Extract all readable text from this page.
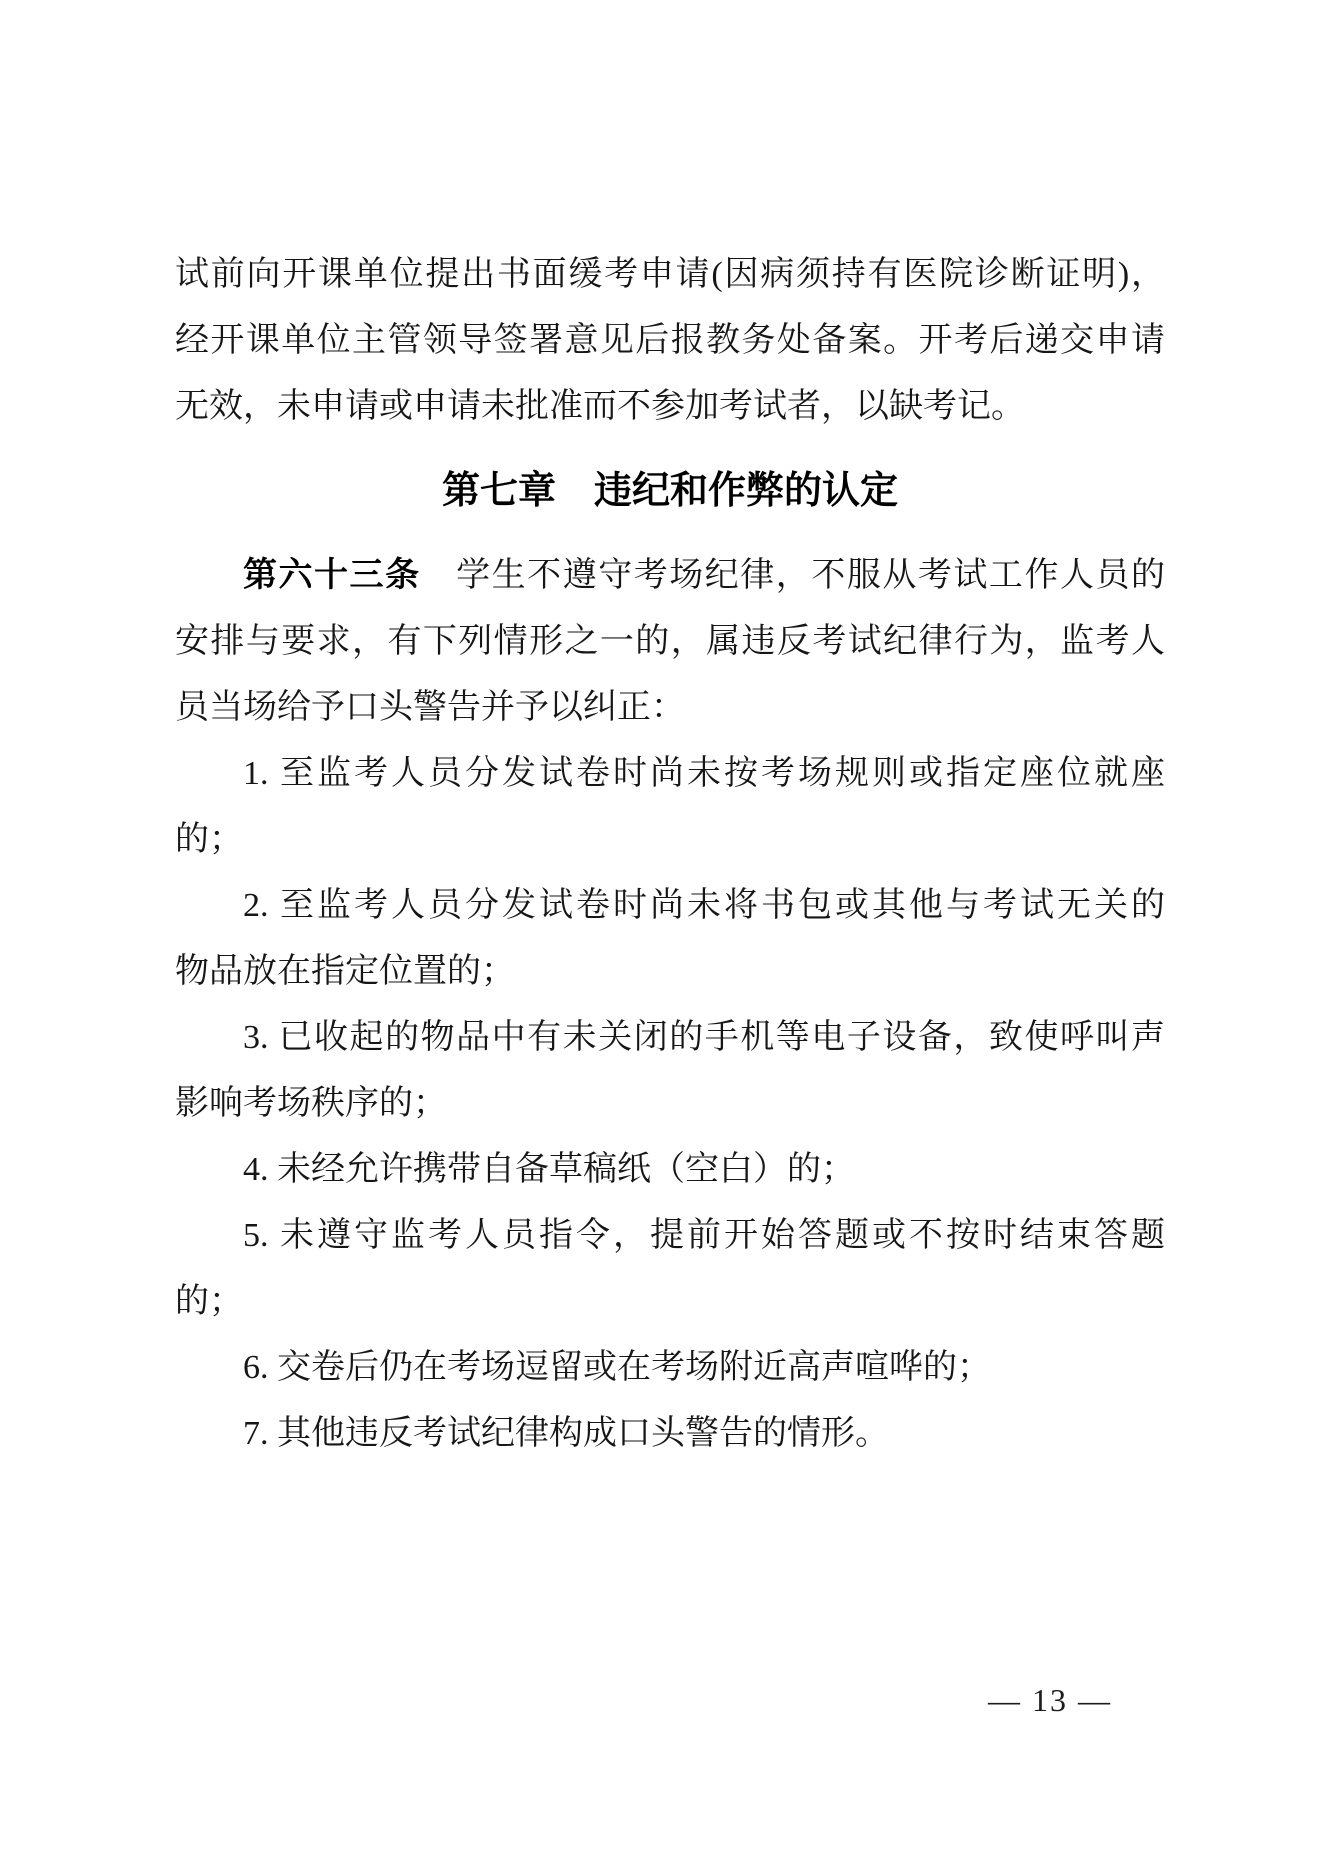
试前向开课单位提出书面缓考申请(因病须持有医院诊断证明)，
经开课单位主管领导签署意见后报教务处备案。开考后递交申请
无效，未申请或申请未批准而不参加考试者，以缺考记。
第七章　违纪和作弊的认定
第六十三条　学生不遵守考场纪律，不服从考试工作人员的
安排与要求，有下列情形之一的，属违反考试纪律行为，监考人
员当场给予口头警告并予以纠正：
1. 至监考人员分发试卷时尚未按考场规则或指定座位就座
的；
2. 至监考人员分发试卷时尚未将书包或其他与考试无关的
物品放在指定位置的；
3. 已收起的物品中有未关闭的手机等电子设备，致使呼叫声
影响考场秩序的；
4. 未经允许携带自备草稿纸（空白）的；
5. 未遵守监考人员指令，提前开始答题或不按时结束答题
的；
6. 交卷后仍在考场逗留或在考场附近高声喧哗的；
7. 其他违反考试纪律构成口头警告的情形。
— 13 —
